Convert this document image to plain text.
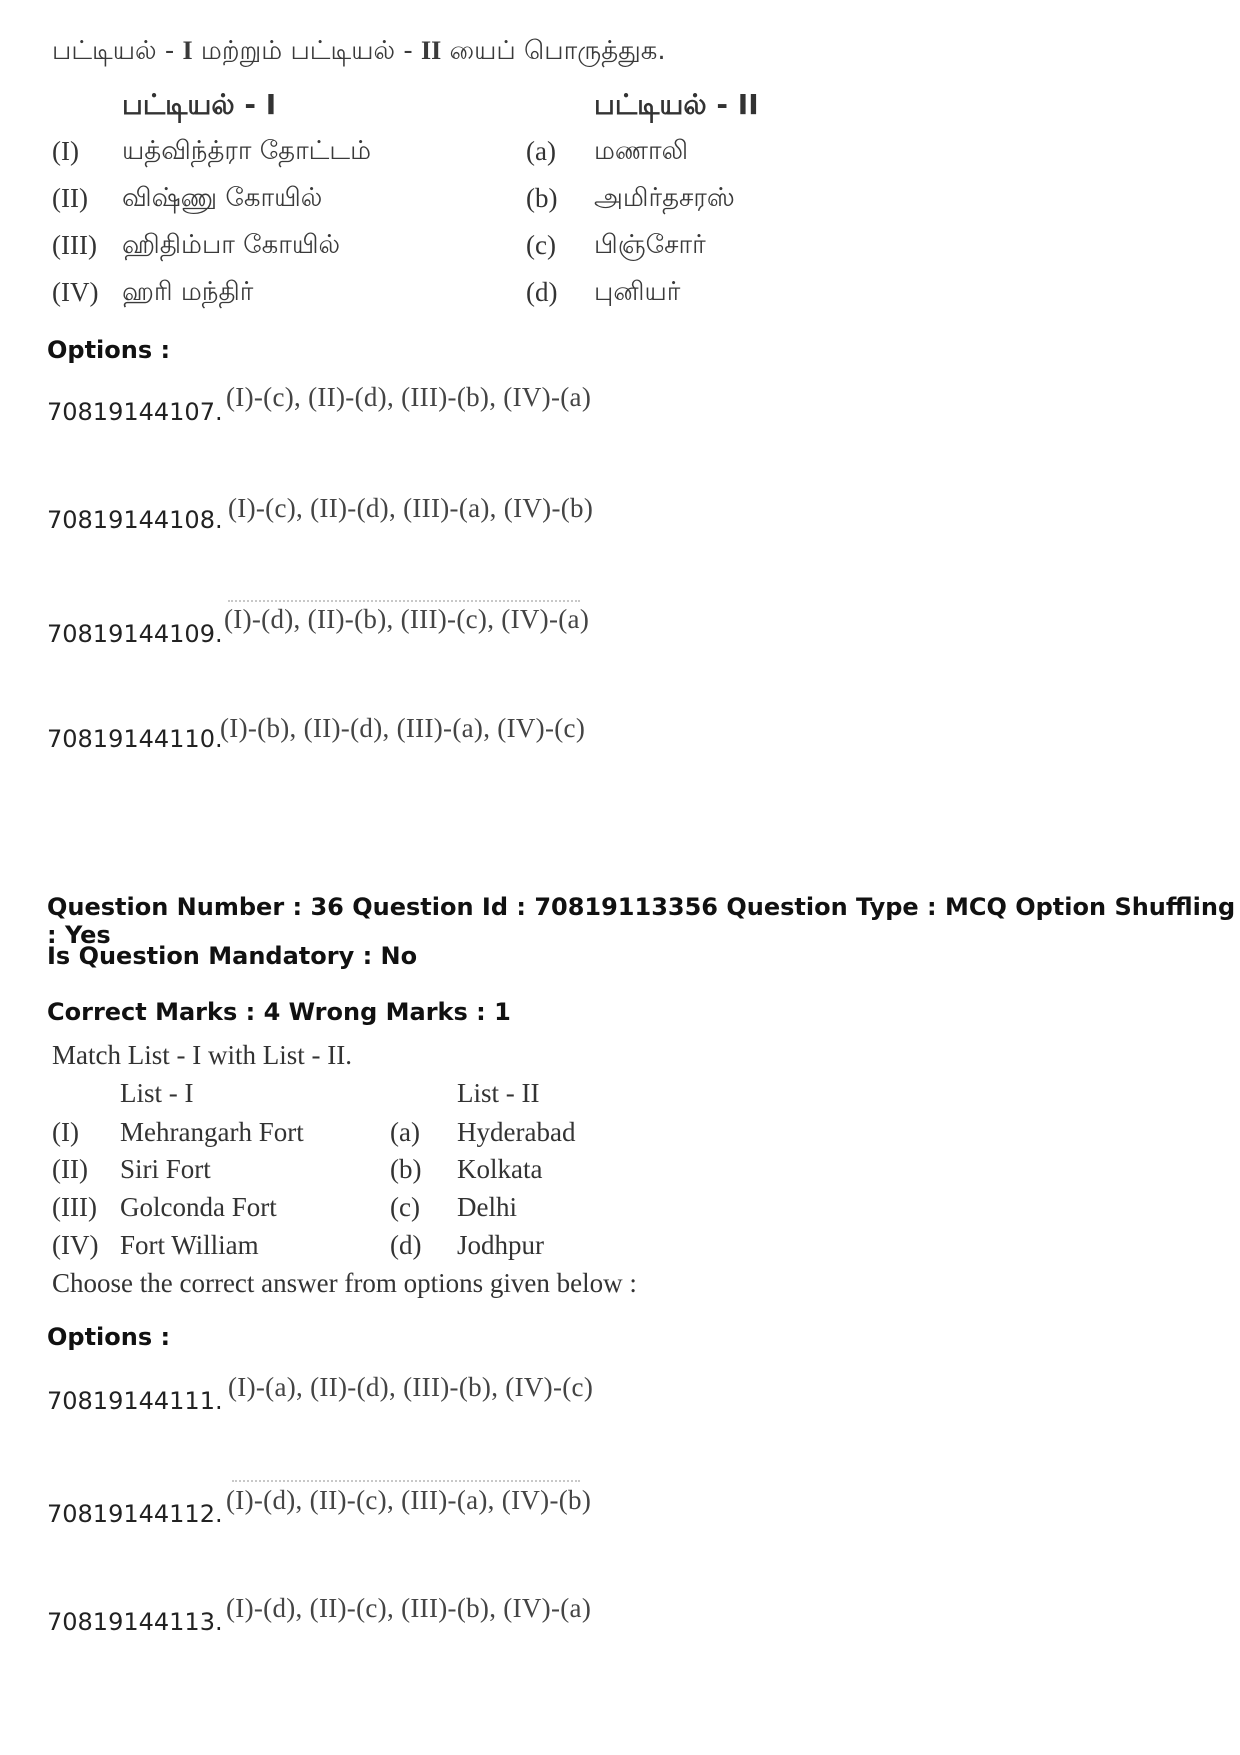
பட்டியல் - I மற்றும் பட்டியல் - II யைப் பொருத்துக.
பட்டியல் - I	பட்டியல் - II
(I) யத்விந்த்ரா தோட்டம்	(a) மணாலி
(II) விஷ்ணு கோயில்	(b) அமிர்தசரஸ்
(III) ஹிதிம்பா கோயில்	(c) பிஞ்சோர்
(IV) ஹரி மந்திர்	(d) புனியர்
Options :
70819144107. (I)-(c), (II)-(d), (III)-(b), (IV)-(a)
70819144108. (I)-(c), (II)-(d), (III)-(a), (IV)-(b)
70819144109. (I)-(d), (II)-(b), (III)-(c), (IV)-(a)
70819144110.
(I)-(b), (II)-(d), (III)-(a), (IV)-(c)
Question Number : 36 Question Id : 70819113356 Question Type : MCQ Option Shuffling : Yes
Is Question Mandatory : No
Correct Marks : 4 Wrong Marks : 1
Match List - I with List - II.
List - I	List - II
(I) Mehrangarh Fort	(a) Hyderabad
(II) Siri Fort	(b) Kolkata
(III) Golconda Fort	(c) Delhi
(IV) Fort William	(d) Jodhpur
Choose the correct answer from options given below :
Options :
70819144111. (I)-(a), (II)-(d), (III)-(b), (IV)-(c)
70819144112. (I)-(d), (II)-(c), (III)-(a), (IV)-(b)
70819144113. (I)-(d), (II)-(c), (III)-(b), (IV)-(a)
